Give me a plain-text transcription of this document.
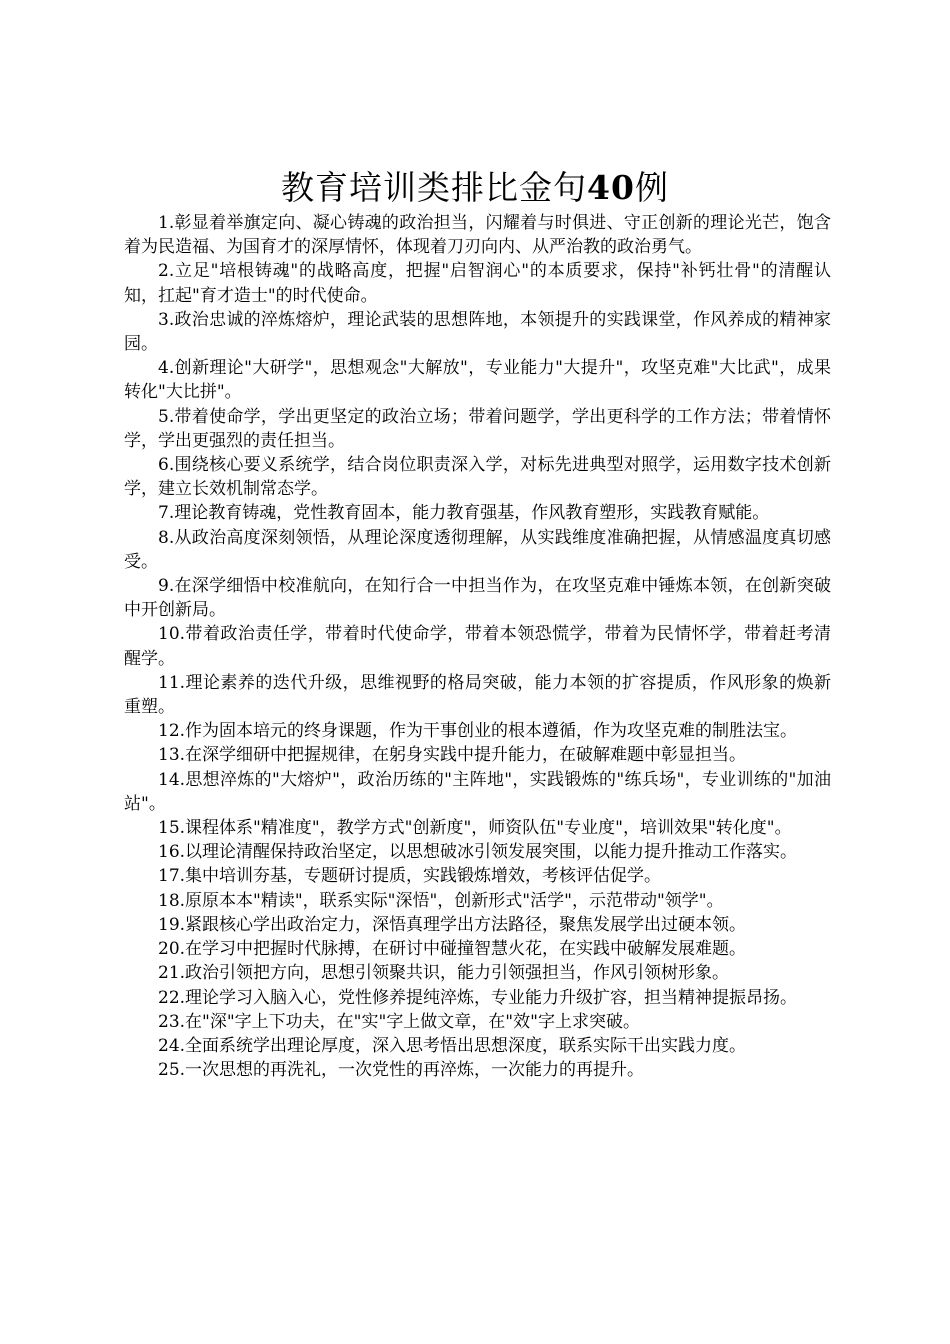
教育培训类排比金句40例

1.彰显着举旗定向、凝心铸魂的政治担当，闪耀着与时俱进、守正创新的理论光芒，饱含着为民造福、为国育才的深厚情怀，体现着刀刃向内、从严治教的政治勇气。

2.立足"培根铸魂"的战略高度，把握"启智润心"的本质要求，保持"补钙壮骨"的清醒认知，扛起"育才造士"的时代使命。

3.政治忠诚的淬炼熔炉，理论武装的思想阵地，本领提升的实践课堂，作风养成的精神家园。

4.创新理论"大研学"，思想观念"大解放"，专业能力"大提升"，攻坚克难"大比武"，成果转化"大比拼"。

5.带着使命学，学出更坚定的政治立场；带着问题学，学出更科学的工作方法；带着情怀学，学出更强烈的责任担当。

6.围绕核心要义系统学，结合岗位职责深入学，对标先进典型对照学，运用数字技术创新学，建立长效机制常态学。

7.理论教育铸魂，党性教育固本，能力教育强基，作风教育塑形，实践教育赋能。

8.从政治高度深刻领悟，从理论深度透彻理解，从实践维度准确把握，从情感温度真切感受。

9.在深学细悟中校准航向，在知行合一中担当作为，在攻坚克难中锤炼本领，在创新突破中开创新局。

10.带着政治责任学，带着时代使命学，带着本领恐慌学，带着为民情怀学，带着赶考清醒学。

11.理论素养的迭代升级，思维视野的格局突破，能力本领的扩容提质，作风形象的焕新重塑。

12.作为固本培元的终身课题，作为干事创业的根本遵循，作为攻坚克难的制胜法宝。

13.在深学细研中把握规律，在躬身实践中提升能力，在破解难题中彰显担当。

14.思想淬炼的"大熔炉"，政治历练的"主阵地"，实践锻炼的"练兵场"，专业训练的"加油站"。

15.课程体系"精准度"，教学方式"创新度"，师资队伍"专业度"，培训效果"转化度"。

16.以理论清醒保持政治坚定，以思想破冰引领发展突围，以能力提升推动工作落实。

17.集中培训夯基，专题研讨提质，实践锻炼增效，考核评估促学。

18.原原本本"精读"，联系实际"深悟"，创新形式"活学"，示范带动"领学"。

19.紧跟核心学出政治定力，深悟真理学出方法路径，聚焦发展学出过硬本领。

20.在学习中把握时代脉搏，在研讨中碰撞智慧火花，在实践中破解发展难题。

21.政治引领把方向，思想引领聚共识，能力引领强担当，作风引领树形象。

22.理论学习入脑入心，党性修养提纯淬炼，专业能力升级扩容，担当精神提振昂扬。

23.在"深"字上下功夫，在"实"字上做文章，在"效"字上求突破。

24.全面系统学出理论厚度，深入思考悟出思想深度，联系实际干出实践力度。

25.一次思想的再洗礼，一次党性的再淬炼，一次能力的再提升。
